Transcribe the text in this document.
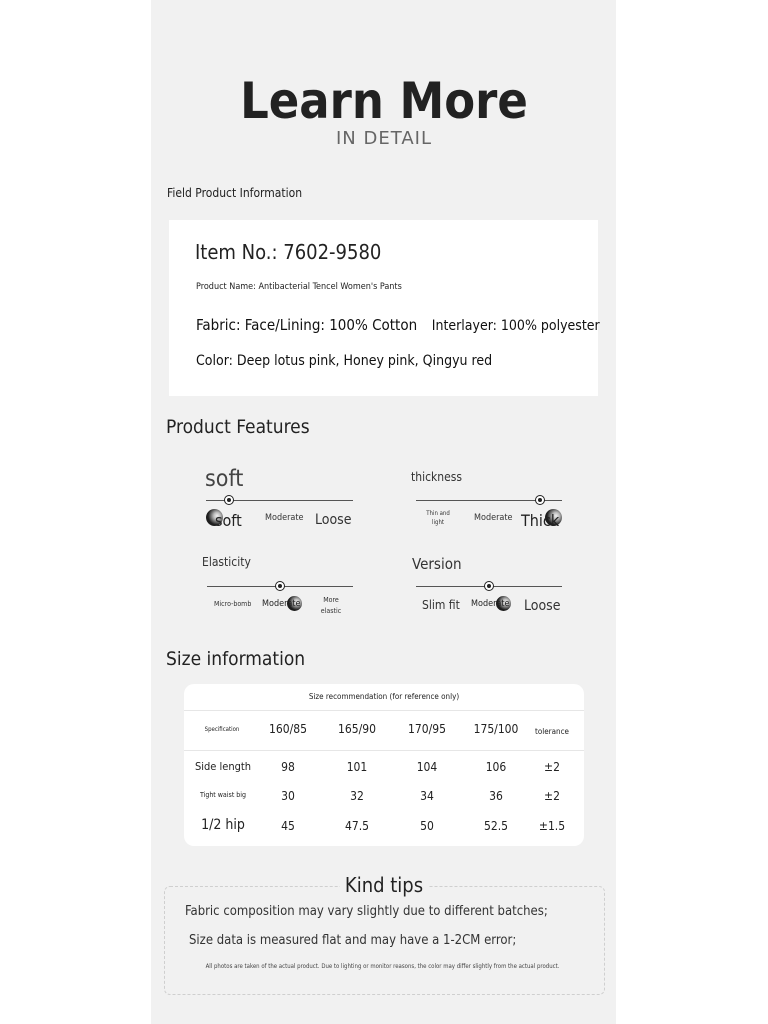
Learn More
IN DETAIL
Field Product Information
Item No.: 7602-9580
Product Name: Antibacterial Tencel Women's Pants
Fabric: Face/Lining: 100% Cotton Interlayer: 100% polyester
Color: Deep lotus pink, Honey pink, Qingyu red
Product Features
soft
soft	Moderate Loose
thickness
Thin and light	Moderate Thick
Elasticity
Micro-bomb Moderate	More elastic
Version
Slim fit Moderate Loose
Size information
Size recommendation (for reference only)
Specification	160/85	165/90	170/95	175/100	tolerance
Side length	98	101	104	106	±2
Tight waist big	30	32	34	36	±2
1/2 hip	45	47.5	50	52.5	±1.5
Kind tips
Fabric composition may vary slightly due to different batches;
Size data is measured flat and may have a 1-2CM error;
All photos are taken of the actual product. Due to lighting or monitor reasons, the color may differ slightly from the actual product.
